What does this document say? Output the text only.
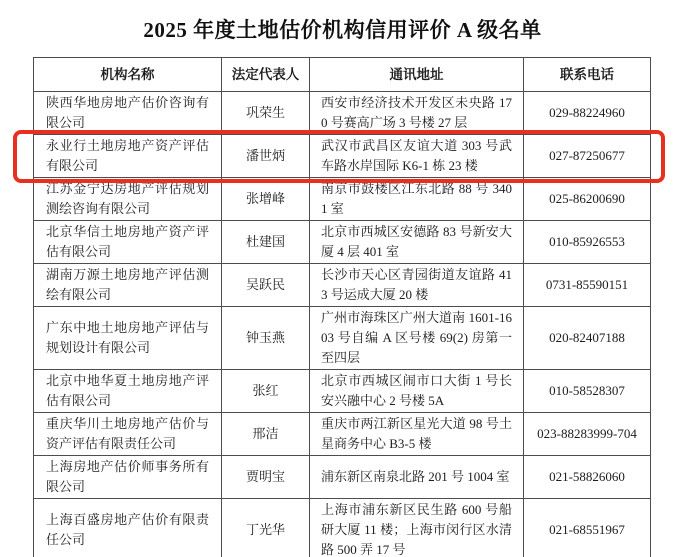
2025 年度土地估价机构信用评价 A 级名单
机构名称	法定代表人	通讯地址	联系电话
陕西华地房地产估价咨询有限公司	巩荣生	西安市经济技术开发区未央路 170 号赛高广场 3 号楼 27 层	029-88224960
永业行土地房地产资产评估有限公司	潘世炳	武汉市武昌区友谊大道 303 号武车路水岸国际 K6-1 栋 23 楼	027-87250677
江苏金宁达房地产评估规划测绘咨询有限公司	张增峰	南京市鼓楼区江东北路 88 号 3401 室	025-86200690
北京华信土地房地产资产评估有限公司	杜建国	北京市西城区安德路 83 号新安大厦 4 层 401 室	010-85926553
湖南万源土地房地产评估测绘有限公司	吴跃民	长沙市天心区青园街道友谊路 413 号运成大厦 20 楼	0731-85590151
广东中地土地房地产评估与规划设计有限公司	钟玉燕	广州市海珠区广州大道南 1601-1603 号自编 A 区号楼 69(2) 房第一至四层	020-82407188
北京中地华夏土地房地产评估有限公司	张红	北京市西城区闹市口大街 1 号长安兴融中心 2 号楼 5A	010-58528307
重庆华川土地房地产估价与资产评估有限责任公司	邢洁	重庆市两江新区星光大道 98 号土星商务中心 B3-5 楼	023-88283999-704
上海房地产估价师事务所有限公司	贾明宝	浦东新区南泉北路 201 号 1004 室	021-58826060
上海百盛房地产估价有限责任公司	丁光华	上海市浦东新区民生路 600 号船研大厦 11 楼；上海市闵行区水清路 500 弄 17 号	021-68551967
